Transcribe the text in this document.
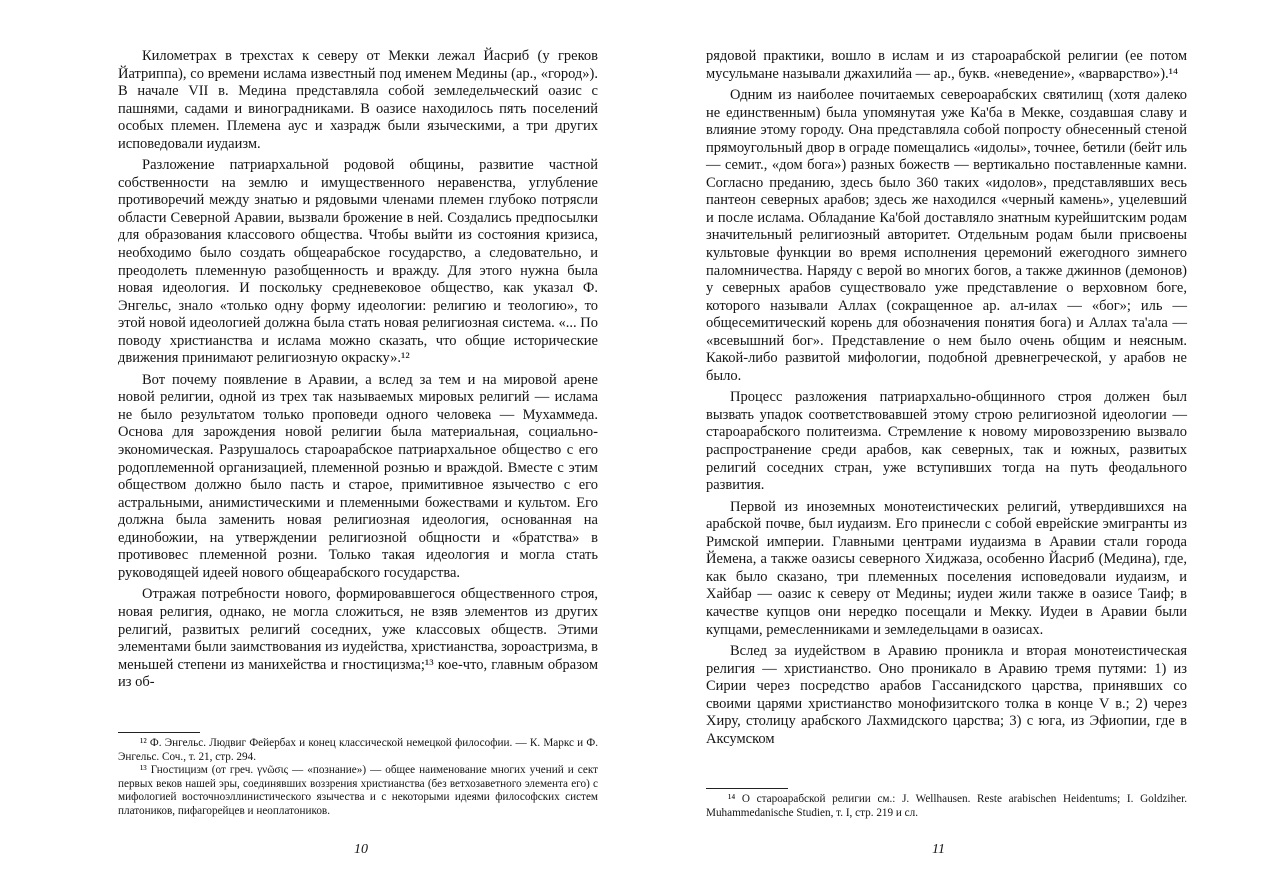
Километрах в трехстах к северу от Мекки лежал Йасриб (у греков Йатриппа), со времени ислама известный под именем Медины (ар., «город»). В начале VII в. Медина представляла собой земледельческий оазис с пашнями, садами и виноградниками. В оазисе находилось пять поселений особых племен. Племена аус и хазрадж были языческими, а три других исповедовали иудаизм.

Разложение патриархальной родовой общины, развитие частной собственности на землю и имущественного неравенства, углубление противоречий между знатью и рядовыми членами племен глубоко потрясли области Северной Аравии, вызвали брожение в ней. Создались предпосылки для образования классового общества. Чтобы выйти из состояния кризиса, необходимо было создать общеарабское государство, а следовательно, и преодолеть племенную разобщенность и вражду. Для этого нужна была новая идеология. И поскольку средневековое общество, как указал Ф. Энгельс, знало «только одну форму идеологии: религию и теологию», то этой новой идеологией должна была стать новая религиозная система. «... По поводу христианства и ислама можно сказать, что общие исторические движения принимают религиозную окраску».¹²

Вот почему появление в Аравии, а вслед за тем и на мировой арене новой религии, одной из трех так называемых мировых религий — ислама не было результатом только проповеди одного человека — Мухаммеда. Основа для зарождения новой религии была материальная, социально-экономическая. Разрушалось староарабское патриархальное общество с его родоплеменной организацией, племенной рознью и враждой. Вместе с этим обществом должно было пасть и старое, примитивное язычество с его астральными, анимистическими и племенными божествами и культом. Его должна была заменить новая религиозная идеология, основанная на единобожии, на утверждении религиозной общности и «братства» в противовес племенной розни. Только такая идеология и могла стать руководящей идеей нового общеарабского государства.

Отражая потребности нового, формировавшегося общественного строя, новая религия, однако, не могла сложиться, не взяв элементов из других религий, развитых религий соседних, уже классовых обществ. Этими элементами были заимствования из иудейства, христианства, зороастризма, в меньшей степени из манихейства и гностицизма;¹³ кое-что, главным образом из об-

¹² Ф. Энгельс. Людвиг Фейербах и конец классической немецкой философии. — К. Маркс и Ф. Энгельс. Соч., т. 21, стр. 294.

¹³ Гностицизм (от греч. γνῶσις — «познание») — общее наименование многих учений и сект первых веков нашей эры, соединявших воззрения христианства (без ветхозаветного элемента его) с мифологией восточноэллинистического язычества и с некоторыми идеями философских систем платоников, пифагорейцев и неоплатоников.

10

рядовой практики, вошло в ислам и из староарабской религии (ее потом мусульмане называли джахилийа — ар., букв. «неведение», «варварство»).¹⁴

Одним из наиболее почитаемых североарабских святилищ (хотя далеко не единственным) была упомянутая уже Ка'ба в Мекке, создавшая славу и влияние этому городу. Она представляла собой попросту обнесенный стеной прямоугольный двор в ограде помещались «идолы», точнее, бетили (бейт иль — семит., «дом бога») разных божеств — вертикально поставленные камни. Согласно преданию, здесь было 360 таких «идолов», представлявших весь пантеон северных арабов; здесь же находился «черный камень», уцелевший и после ислама. Обладание Ка'бой доставляло знатным курейшитским родам значительный религиозный авторитет. Отдельным родам были присвоены культовые функции во время исполнения церемоний ежегодного зимнего паломничества. Наряду с верой во многих богов, а также джиннов (демонов) у северных арабов существовало уже представление о верховном боге, которого называли Аллах (сокращенное ар. ал-илах — «бог»; иль — общесемитический корень для обозначения понятия бога) и Аллах та'ала — «всевышний бог». Представление о нем было очень общим и неясным. Какой-либо развитой мифологии, подобной древнегреческой, у арабов не было.

Процесс разложения патриархально-общинного строя должен был вызвать упадок соответствовавшей этому строю религиозной идеологии — староарабского политеизма. Стремление к новому мировоззрению вызвало распространение среди арабов, как северных, так и южных, развитых религий соседних стран, уже вступивших тогда на путь феодального развития.

Первой из иноземных монотеистических религий, утвердившихся на арабской почве, был иудаизм. Его принесли с собой еврейские эмигранты из Римской империи. Главными центрами иудаизма в Аравии стали города Йемена, а также оазисы северного Хиджаза, особенно Йасриб (Медина), где, как было сказано, три племенных поселения исповедовали иудаизм, и Хайбар — оазис к северу от Медины; иудеи жили также в оазисе Таиф; в качестве купцов они нередко посещали и Мекку. Иудеи в Аравии были купцами, ремесленниками и земледельцами в оазисах.

Вслед за иудейством в Аравию проникла и вторая монотеистическая религия — христианство. Оно проникало в Аравию тремя путями: 1) из Сирии через посредство арабов Гассанидского царства, принявших со своими царями христианство монофизитского толка в конце V в.; 2) через Хиру, столицу арабского Лахмидского царства; 3) с юга, из Эфиопии, где в Аксумском

¹⁴ О староарабской религии см.: J. Wellhausen. Reste arabischen Heidentums; I. Goldziher. Muhammedanische Studien, т. I, стр. 219 и сл.

11
